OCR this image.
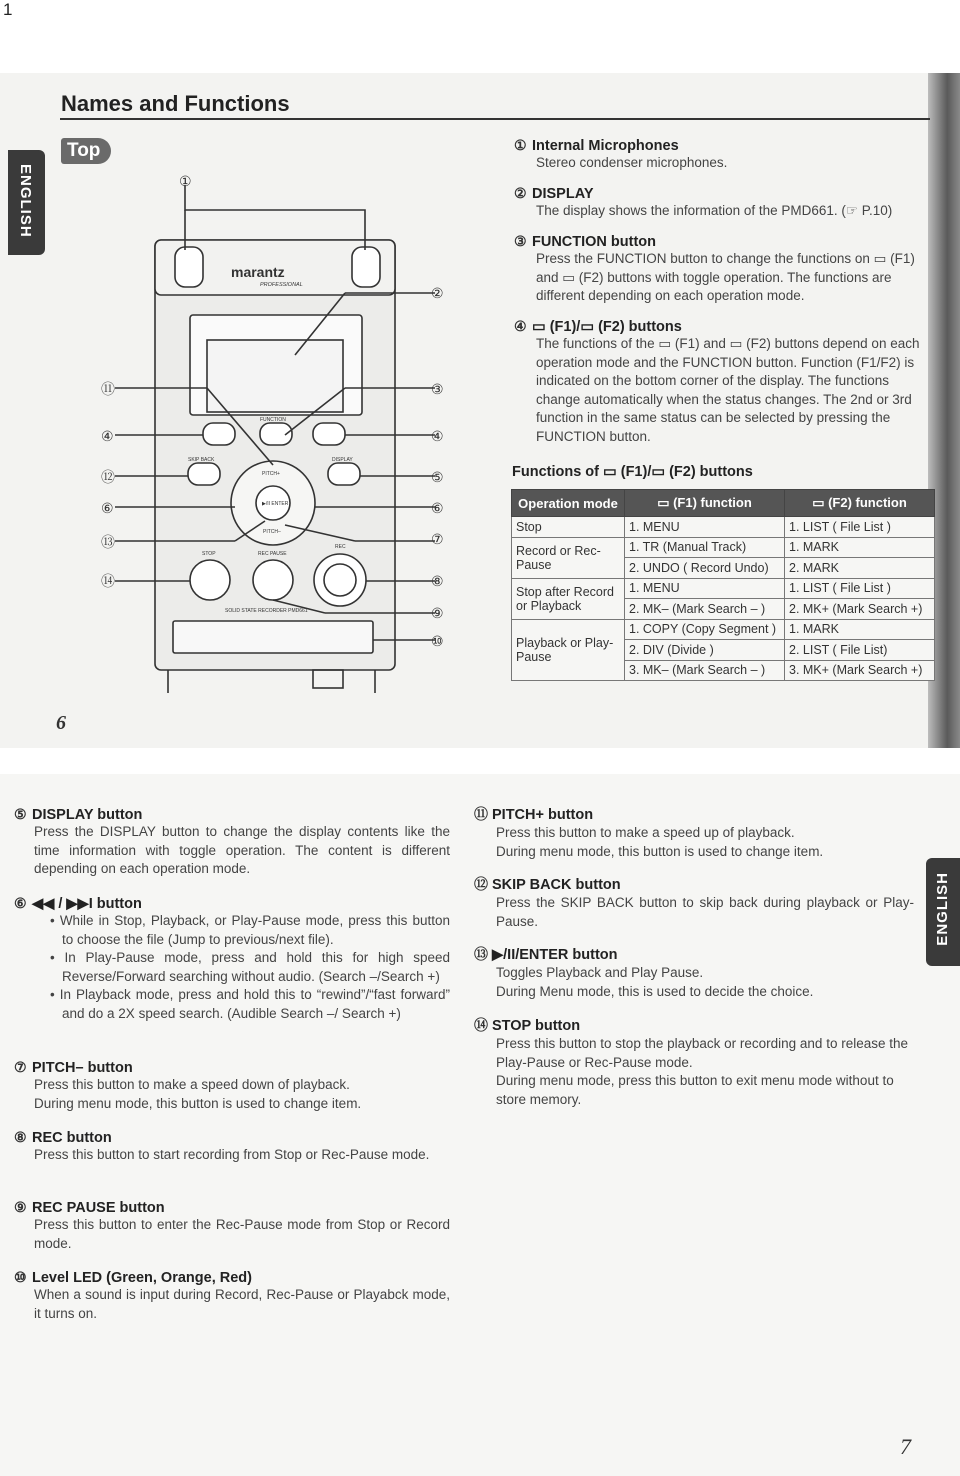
1
Names and Functions
ENGLISH
Top
marantz
PROFESSIONAL
FUNCTION
SKIP BACK	DISPLAY
PITCH+
PITCH–
▶/II ENTER
STOP	REC PAUSE
REC
SOLID STATE RECORDER PMD661
①
②
③
④
⑤
⑥
⑦
⑧
⑨
⑩
⑪
④
⑫
⑥
⑬
⑭
① Internal Microphones
Stereo condenser microphones.
② DISPLAY
The display shows the information of the PMD661. (☞ P.10)
③ FUNCTION button
Press the FUNCTION button to change the functions on ▭ (F1) and ▭ (F2) buttons with toggle operation. The functions are different depending on each operation mode.
④ ▭ (F1)/▭ (F2) buttons
The functions of the ▭ (F1) and ▭ (F2) buttons depend on each operation mode and the FUNCTION button. Function (F1/F2) is indicated on the bottom corner of the display. The functions change automatically when the status changes. The 2nd or 3rd function in the same status can be selected by pressing the FUNCTION button.
Functions of ▭ (F1)/▭ (F2) buttons
Operation mode	▭ (F1) function	▭ (F2) function
Stop	1. MENU	1. LIST ( File List )
Record or Rec-Pause	1. TR (Manual Track)	1. MARK
	2. UNDO ( Record Undo)	2. MARK
Stop after Record or Playback	1. MENU	1. LIST ( File List )
	2. MK– (Mark Search – )	2. MK+ (Mark Search +)
Playback or Play-Pause	1. COPY (Copy Segment )	1. MARK
	2. DIV (Divide )	2. LIST ( File List)
	3. MK– (Mark Search – )	3. MK+ (Mark Search +)
6
ENGLISH
⑤ DISPLAY button
Press the DISPLAY button to change the display contents like the time information with toggle operation. The content is different depending on each operation mode.
⑥ ◀◀ / ▶▶I button
• While in Stop, Playback, or Play-Pause mode, press this button to choose the file (Jump to previous/next file).
• In Play-Pause mode, press and hold this for high speed Reverse/Forward searching without audio. (Search –/Search +)
• In Playback mode, press and hold this to “rewind”/“fast forward” and do a 2X speed search. (Audible Search –/ Search +)
⑦ PITCH– button
Press this button to make a speed down of playback.
During menu mode, this button is used to change item.
⑧ REC button
Press this button to start recording from Stop or Rec-Pause mode.
⑨ REC PAUSE button
Press this button to enter the Rec-Pause mode from Stop or Record mode.
⑩ Level LED (Green, Orange, Red)
When a sound is input during Record, Rec-Pause or Playabck mode, it turns on.
⑪ PITCH+ button
Press this button to make a speed up of playback.
During menu mode, this button is used to change item.
⑫ SKIP BACK button
Press the SKIP BACK button to skip back during playback or Play-Pause.
⑬ ▶/II/ENTER button
Toggles Playback and Play Pause.
During Menu mode, this is used to decide the choice.
⑭ STOP button
Press this button to stop the playback or recording and to release the Play-Pause or Rec-Pause mode.
During menu mode, press this button to exit menu mode without to store memory.
7
